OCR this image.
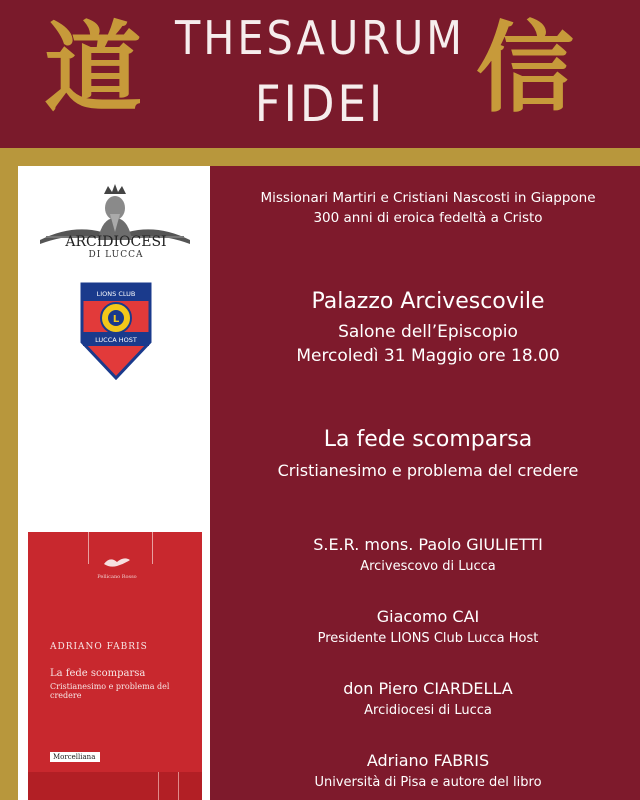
道 THESAURUM
FIDEI 信
ARCIDIOCESI
DI LUCCA
L
LIONS CLUB
LUCCA HOST
Pellicano Rosso
ADRIANO FABRIS
La fede scomparsa
Cristianesimo e problema del credere
Morcelliana
Missionari Martiri e Cristiani Nascosti in Giappone
300 anni di eroica fedeltà a Cristo
Palazzo Arcivescovile
Salone dell’Episcopio
Mercoledì 31 Maggio ore 18.00
La fede scomparsa
Cristianesimo e problema del credere
S.E.R. mons. Paolo GIULIETTI
Arcivescovo di Lucca
Giacomo CAI
Presidente LIONS Club Lucca Host
don Piero CIARDELLA
Arcidiocesi di Lucca
Adriano FABRIS
Università di Pisa e autore del libro
